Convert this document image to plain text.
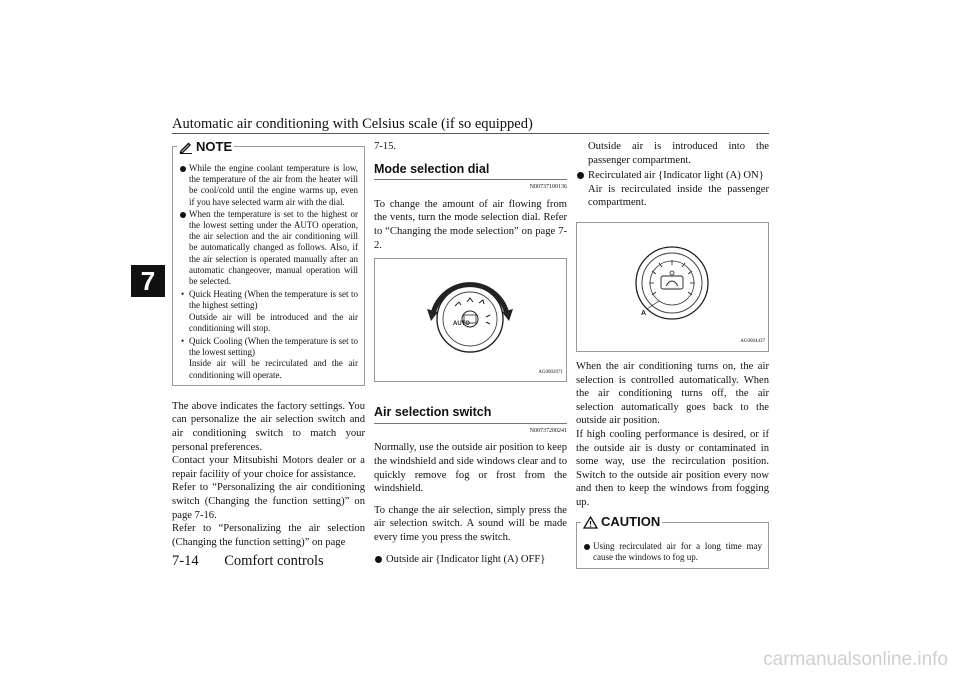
Automatic air conditioning with Celsius scale (if so equipped)
7
NOTE
While the engine coolant temperature is low, the temperature of the air from the heater will be cool/cold until the engine warms up, even if you have selected warm air with the dial.
When the temperature is set to the highest or the lowest setting under the AUTO operation, the air selection and the air conditioning will be automatically changed as follows. Also, if the air selection is operated manually after an automatic changeover, manual operation will be selected.
• Quick Heating (When the temperature is set to the highest setting)
Outside air will be introduced and the air conditioning will stop.
• Quick Cooling (When the temperature is set to the lowest setting)
Inside air will be recirculated and the air conditioning will operate.
The above indicates the factory settings. You can personalize the air selection switch and air conditioning switch to match your personal preferences.
Contact your Mitsubishi Motors dealer or a repair facility of your choice for assistance.
Refer to “Personalizing the air conditioning switch (Changing the function setting)” on page 7-16.
Refer to “Personalizing the air selection (Changing the function setting)” on page
7-15.
Mode selection dial
N00737100136
To change the amount of air flowing from the vents, turn the mode selection dial. Refer to “Changing the mode selection” on page 7-2.
AUTO
AG0002071
Air selection switch
N00737200241
Normally, use the outside air position to keep the windshield and side windows clear and to quickly remove fog or frost from the windshield.
To change the air selection, simply press the air selection switch. A sound will be made every time you press the switch.
Outside air {Indicator light (A) OFF}
Outside air is introduced into the passenger compartment.
Recirculated air {Indicator light (A) ON}
Air is recirculated inside the passenger compartment.
A
AG0004437
When the air conditioning turns on, the air selection is controlled automatically. When the air conditioning turns off, the air selection automatically goes back to the outside air position.
If high cooling performance is desired, or if the outside air is dusty or contaminated in some way, use the recirculation position. Switch to the outside air position every now and then to keep the windows from fogging up.
CAUTION
Using recirculated air for a long time may cause the windows to fog up.
7-14 Comfort controls
carmanualsonline.info
